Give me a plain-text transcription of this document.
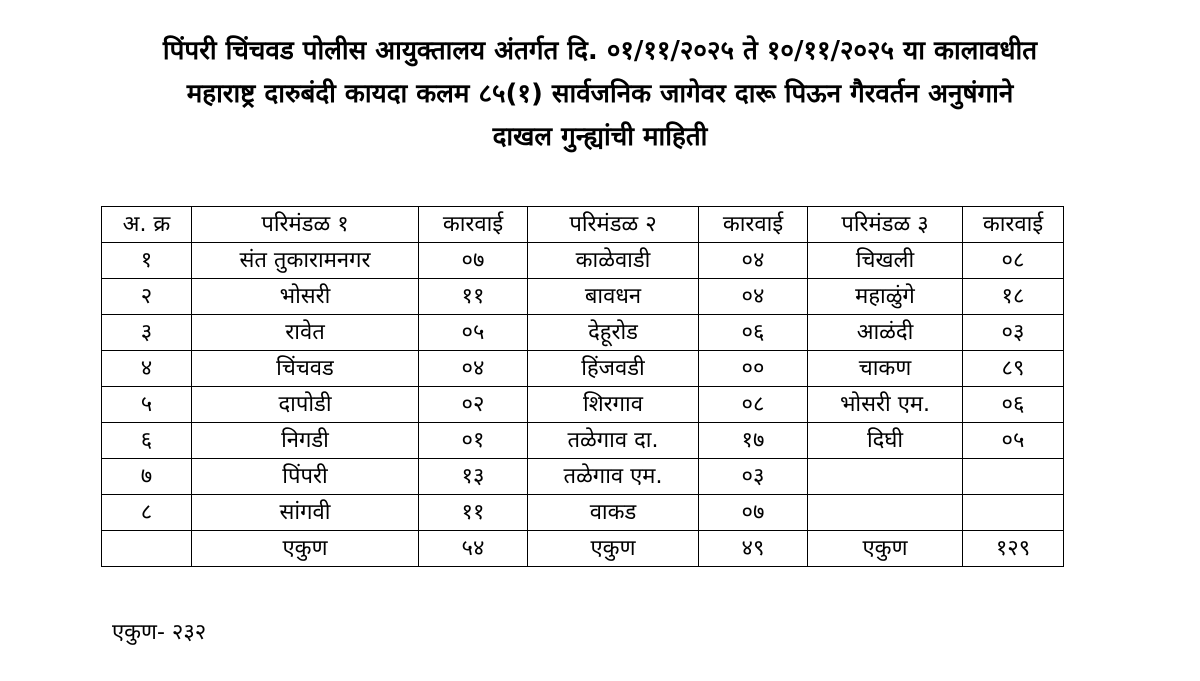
पिंपरी चिंचवड पोलीस आयुक्तालय अंतर्गत दि. ०१/११/२०२५ ते १०/११/२०२५ या कालावधीत
महाराष्ट्र दारुबंदी कायदा कलम ८५(१) सार्वजनिक जागेवर दारू पिऊन गैरवर्तन अनुषंगाने
दाखल गुन्ह्यांची माहिती
अ. क्र	परिमंडळ १	कारवाई	परिमंडळ २	कारवाई	परिमंडळ ३	कारवाई
१	संत तुकारामनगर	०७	काळेवाडी	०४	चिखली	०८
२	भोसरी	११	बावधन	०४	महाळुंगे	१८
३	रावेत	०५	देहूरोड	०६	आळंदी	०३
४	चिंचवड	०४	हिंजवडी	००	चाकण	८९
५	दापोडी	०२	शिरगाव	०८	भोसरी एम.	०६
६	निगडी	०१	तळेगाव दा.	१७	दिघी	०५
७	पिंपरी	१३	तळेगाव एम.	०३		
८	सांगवी	११	वाकड	०७		
	एकुण	५४	एकुण	४९	एकुण	१२९
एकुण- २३२
